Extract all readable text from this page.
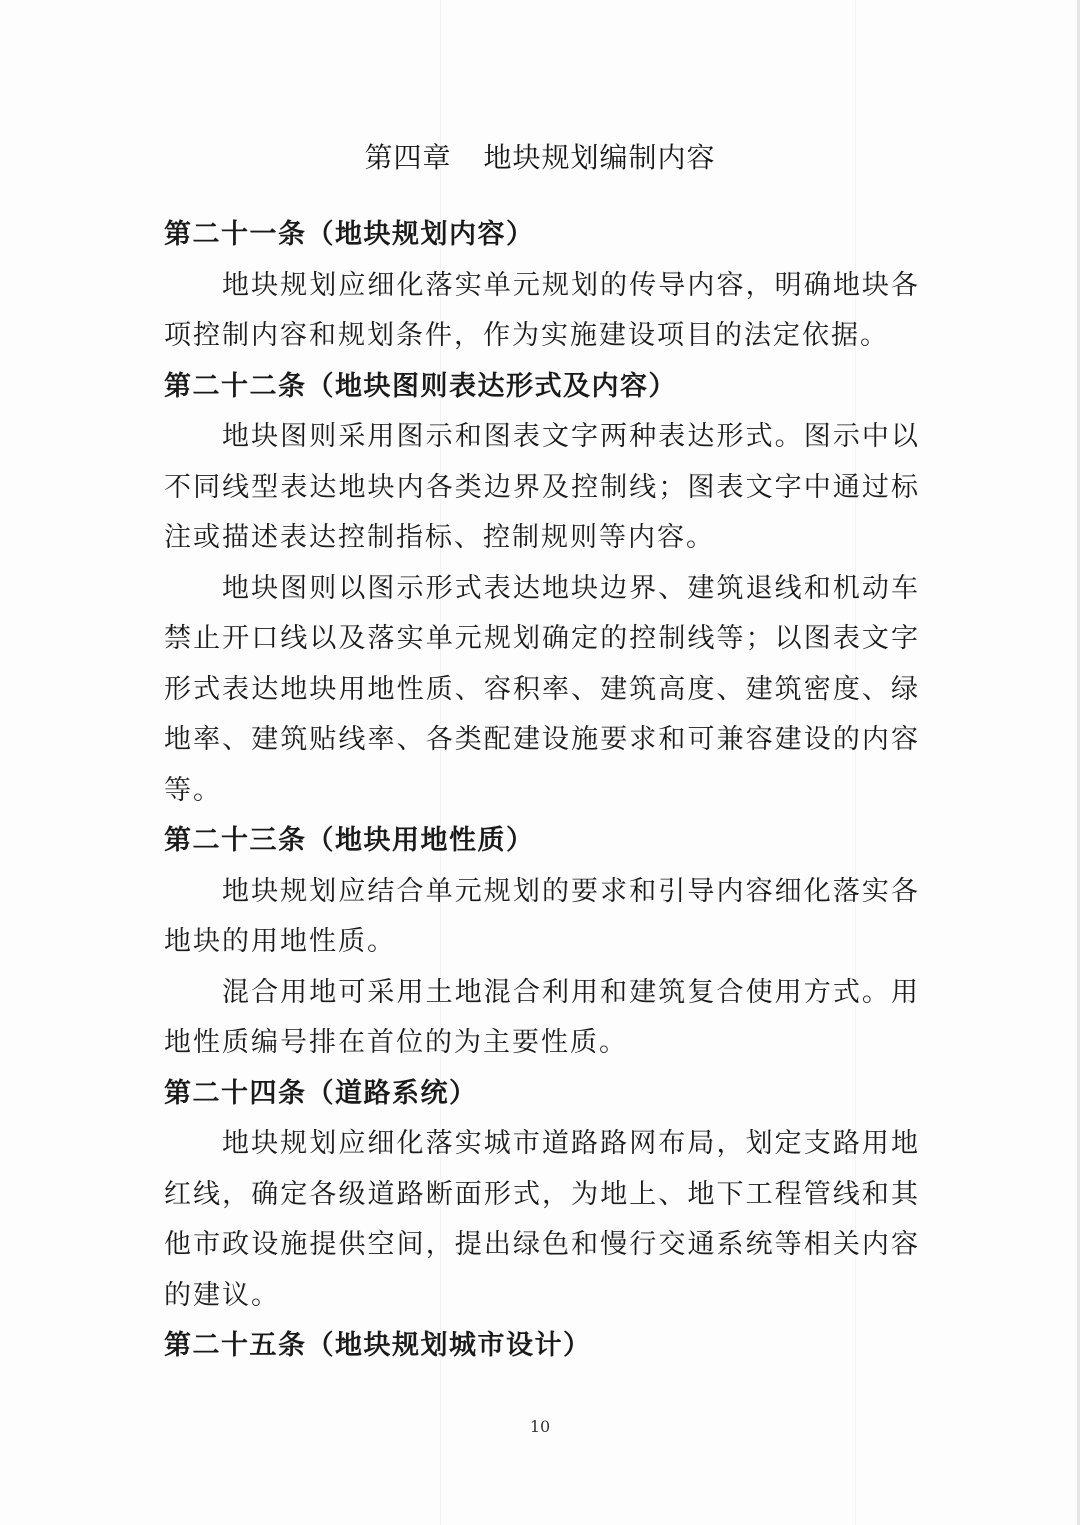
第四章 地块规划编制内容

第二十一条（地块规划内容）

地块规划应细化落实单元规划的传导内容，明确地块各项控制内容和规划条件，作为实施建设项目的法定依据。

第二十二条（地块图则表达形式及内容）

地块图则采用图示和图表文字两种表达形式。图示中以不同线型表达地块内各类边界及控制线；图表文字中通过标注或描述表达控制指标、控制规则等内容。

地块图则以图示形式表达地块边界、建筑退线和机动车禁止开口线以及落实单元规划确定的控制线等；以图表文字形式表达地块用地性质、容积率、建筑高度、建筑密度、绿地率、建筑贴线率、各类配建设施要求和可兼容建设的内容等。

第二十三条（地块用地性质）

地块规划应结合单元规划的要求和引导内容细化落实各地块的用地性质。

混合用地可采用土地混合利用和建筑复合使用方式。用地性质编号排在首位的为主要性质。

第二十四条（道路系统）

地块规划应细化落实城市道路路网布局，划定支路用地红线，确定各级道路断面形式，为地上、地下工程管线和其他市政设施提供空间，提出绿色和慢行交通系统等相关内容的建议。

第二十五条（地块规划城市设计）

10
